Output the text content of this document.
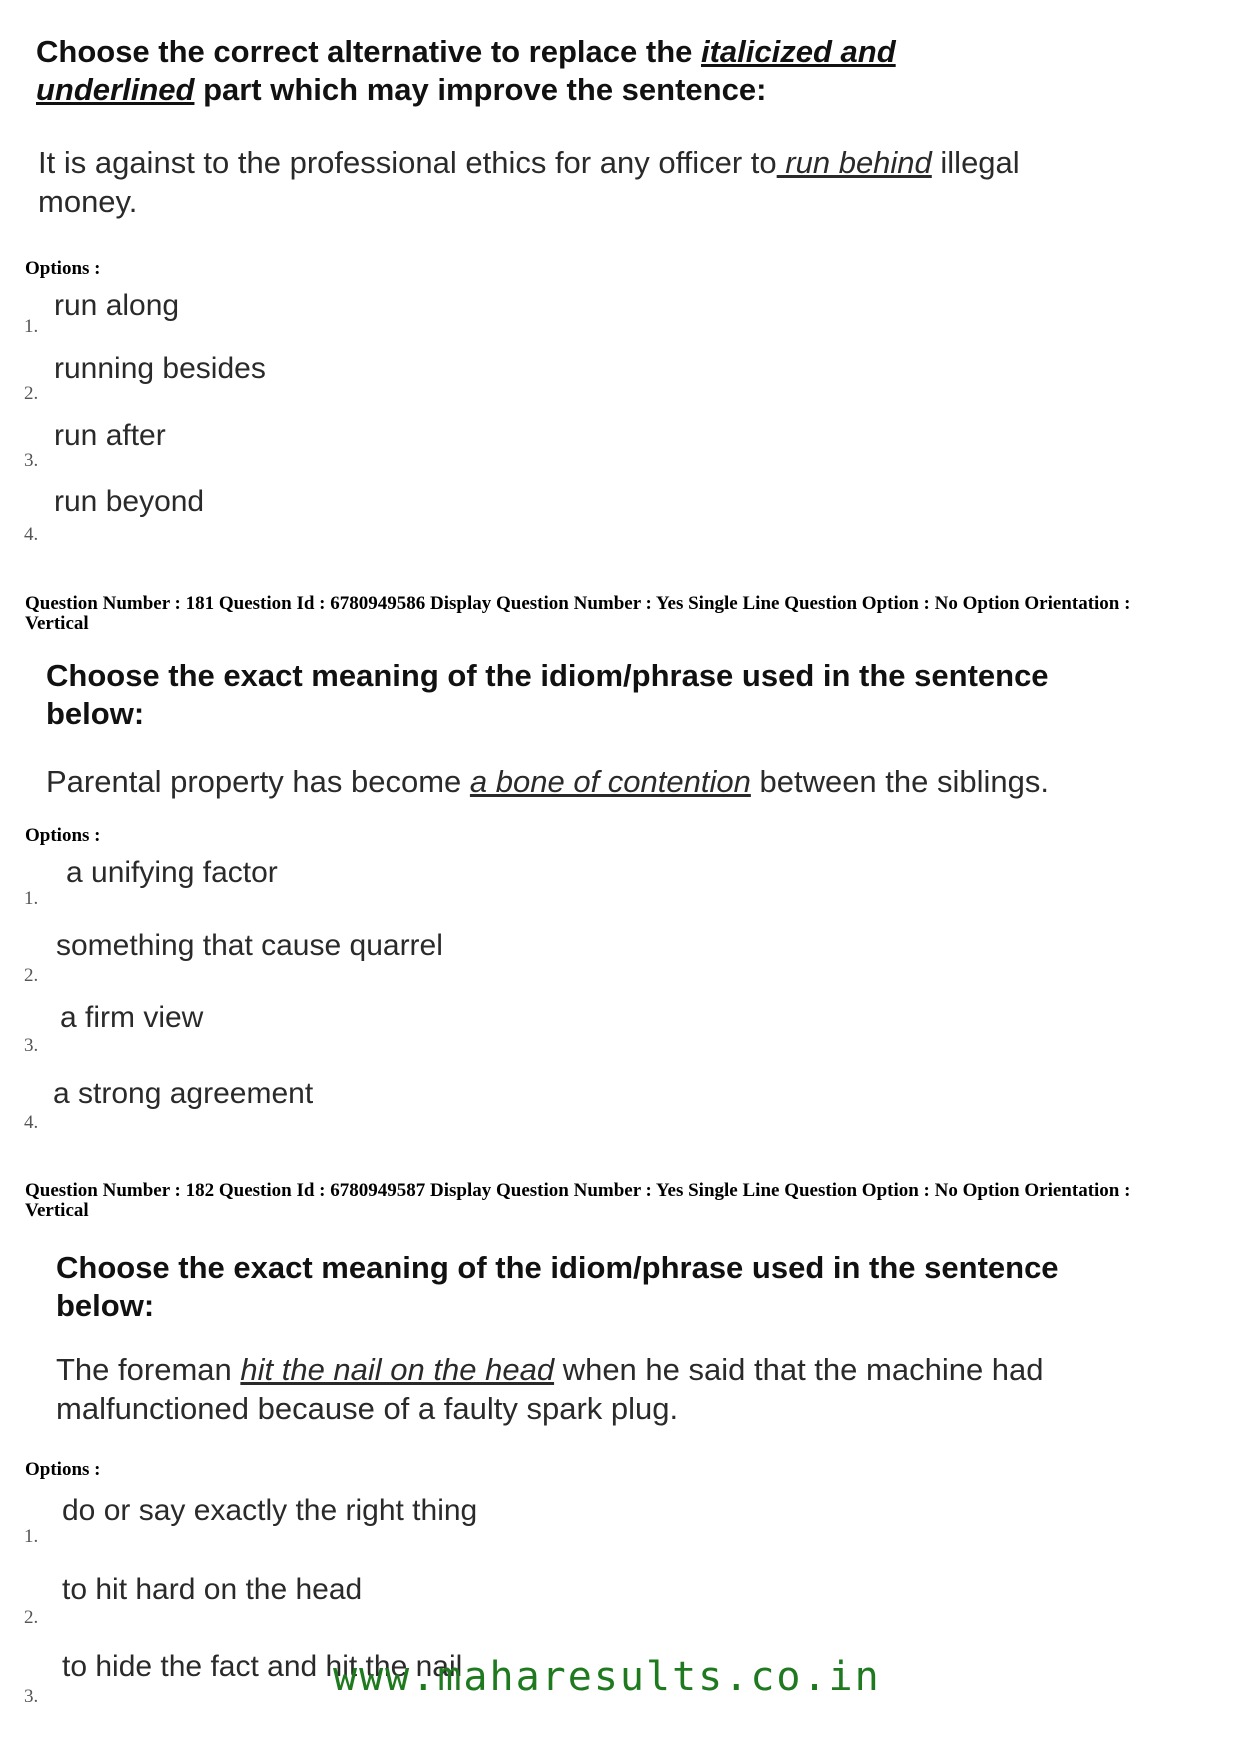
Choose the correct alternative to replace the italicized and underlined part which may improve the sentence:
It is against to the professional ethics for any officer to run behind illegal money.
Options :
1.
run along
2.
running besides
3.
run after
4.
run beyond
Question Number : 181 Question Id : 6780949586 Display Question Number : Yes Single Line Question Option : No Option Orientation : Vertical
Choose the exact meaning of the idiom/phrase used in the sentence below:
Parental property has become a bone of contention between the siblings.
Options :
1.
a unifying factor
2.
something that cause quarrel
3.
a firm view
4.
a strong agreement
Question Number : 182 Question Id : 6780949587 Display Question Number : Yes Single Line Question Option : No Option Orientation : Vertical
Choose the exact meaning of the idiom/phrase used in the sentence below:
The foreman hit the nail on the head when he said that the machine had malfunctioned because of a faulty spark plug.
Options :
1.
do or say exactly the right thing
2.
to hit hard on the head
3.
to hide the fact and hit the nail
www.maharesults.co.in
